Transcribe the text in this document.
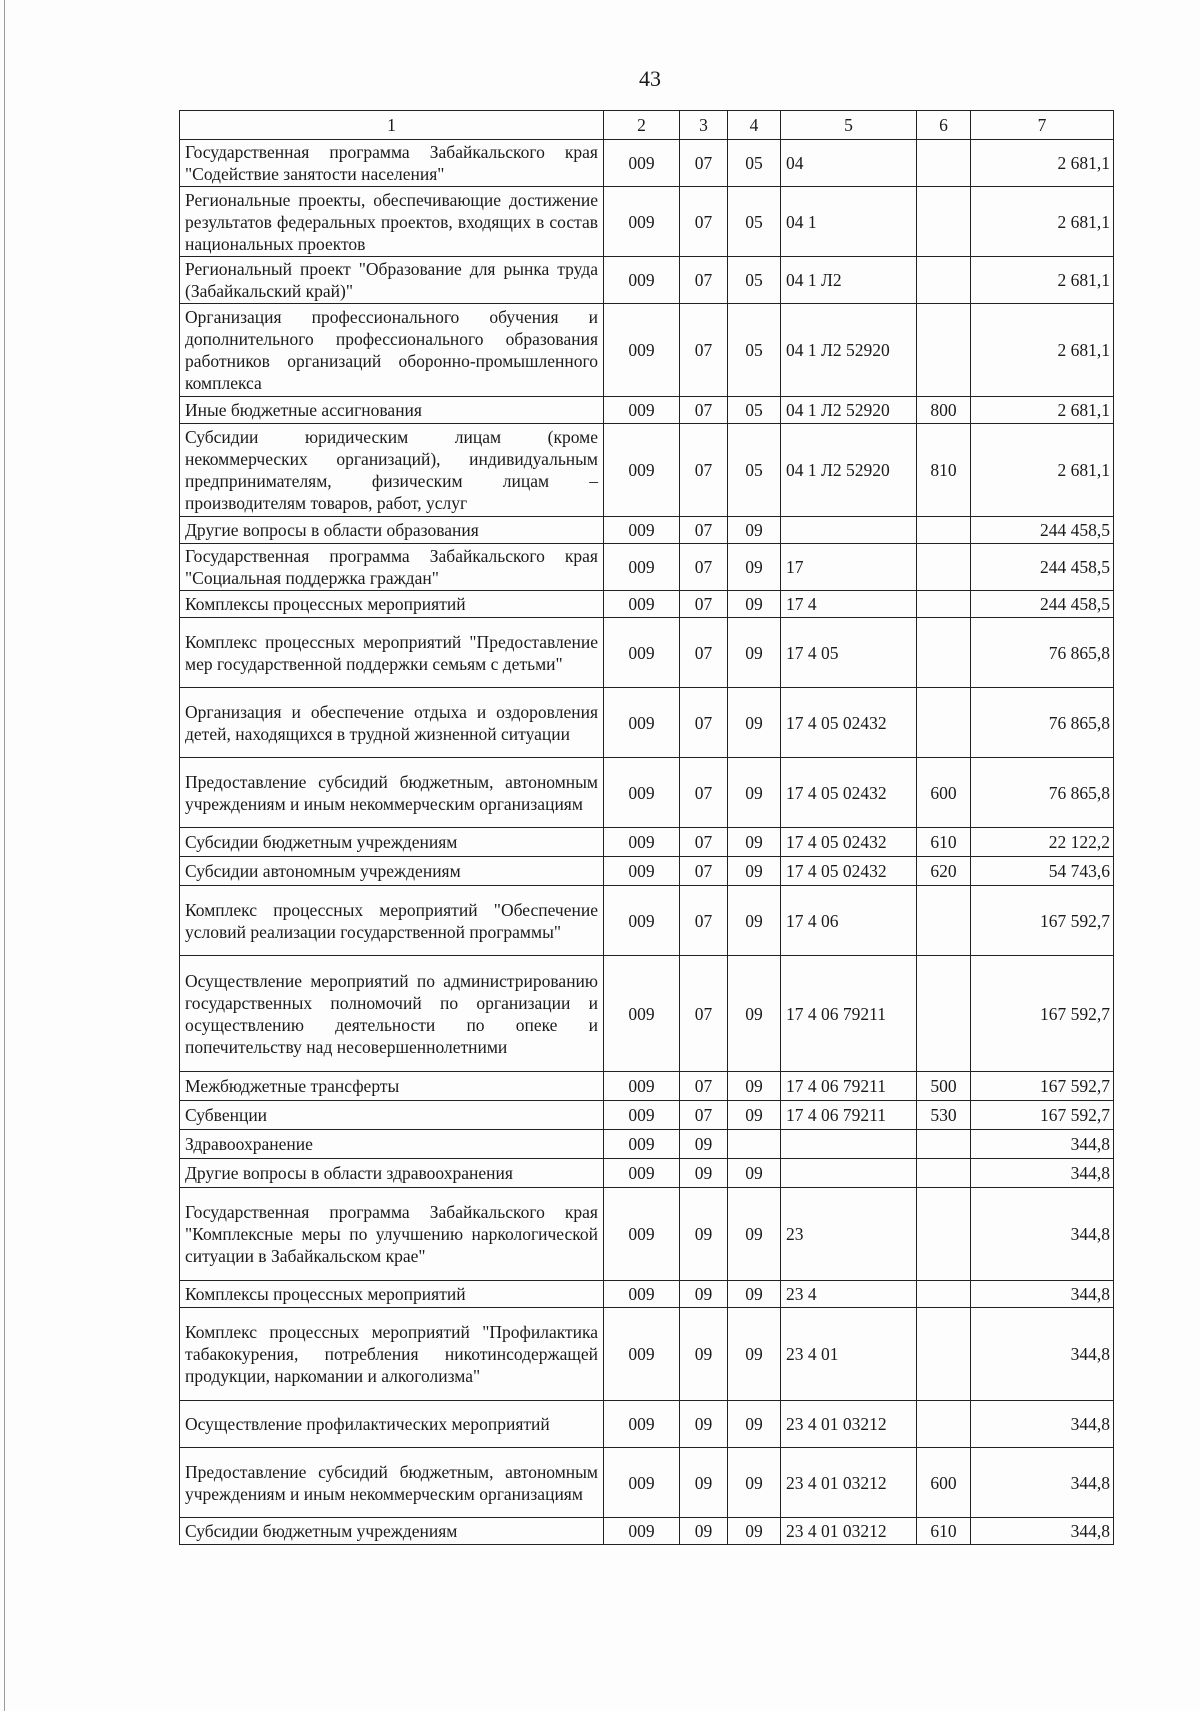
43
1	2	3	4	5	6	7
Государственная программа Забайкальского края "Содействие занятости населения"	009	07	05	04		2 681,1
Региональные проекты, обеспечивающие достижение результатов федеральных проектов, входящих в состав национальных проектов	009	07	05	04 1		2 681,1
Региональный проект "Образование для рынка труда (Забайкальский край)"	009	07	05	04 1 Л2		2 681,1
Организация профессионального обучения и дополнительного профессионального образования работников организаций оборонно-промышленного комплекса	009	07	05	04 1 Л2 52920		2 681,1
Иные бюджетные ассигнования	009	07	05	04 1 Л2 52920	800	2 681,1
Субсидии юридическим лицам (кроме некоммерческих организаций), индивидуальным предпринимателям, физическим лицам – производителям товаров, работ, услуг	009	07	05	04 1 Л2 52920	810	2 681,1
Другие вопросы в области образования	009	07	09			244 458,5
Государственная программа Забайкальского края "Социальная поддержка граждан"	009	07	09	17		244 458,5
Комплексы процессных мероприятий	009	07	09	17 4		244 458,5
Комплекс процессных мероприятий "Предоставление мер государственной поддержки семьям с детьми"	009	07	09	17 4 05		76 865,8
Организация и обеспечение отдыха и оздоровления детей, находящихся в трудной жизненной ситуации	009	07	09	17 4 05 02432		76 865,8
Предоставление субсидий бюджетным, автономным учреждениям и иным некоммерческим организациям	009	07	09	17 4 05 02432	600	76 865,8
Субсидии бюджетным учреждениям	009	07	09	17 4 05 02432	610	22 122,2
Субсидии автономным учреждениям	009	07	09	17 4 05 02432	620	54 743,6
Комплекс процессных мероприятий "Обеспечение условий реализации государственной программы"	009	07	09	17 4 06		167 592,7
Осуществление мероприятий по администрированию государственных полномочий по организации и осуществлению деятельности по опеке и попечительству над несовершеннолетними	009	07	09	17 4 06 79211		167 592,7
Межбюджетные трансферты	009	07	09	17 4 06 79211	500	167 592,7
Субвенции	009	07	09	17 4 06 79211	530	167 592,7
Здравоохранение	009	09				344,8
Другие вопросы в области здравоохранения	009	09	09			344,8
Государственная программа Забайкальского края "Комплексные меры по улучшению наркологической ситуации в Забайкальском крае"	009	09	09	23		344,8
Комплексы процессных мероприятий	009	09	09	23 4		344,8
Комплекс процессных мероприятий "Профилактика табакокурения, потребления никотинсодержащей продукции, наркомании и алкоголизма"	009	09	09	23 4 01		344,8
Осуществление профилактических мероприятий	009	09	09	23 4 01 03212		344,8
Предоставление субсидий бюджетным, автономным учреждениям и иным некоммерческим организациям	009	09	09	23 4 01 03212	600	344,8
Субсидии бюджетным учреждениям	009	09	09	23 4 01 03212	610	344,8
